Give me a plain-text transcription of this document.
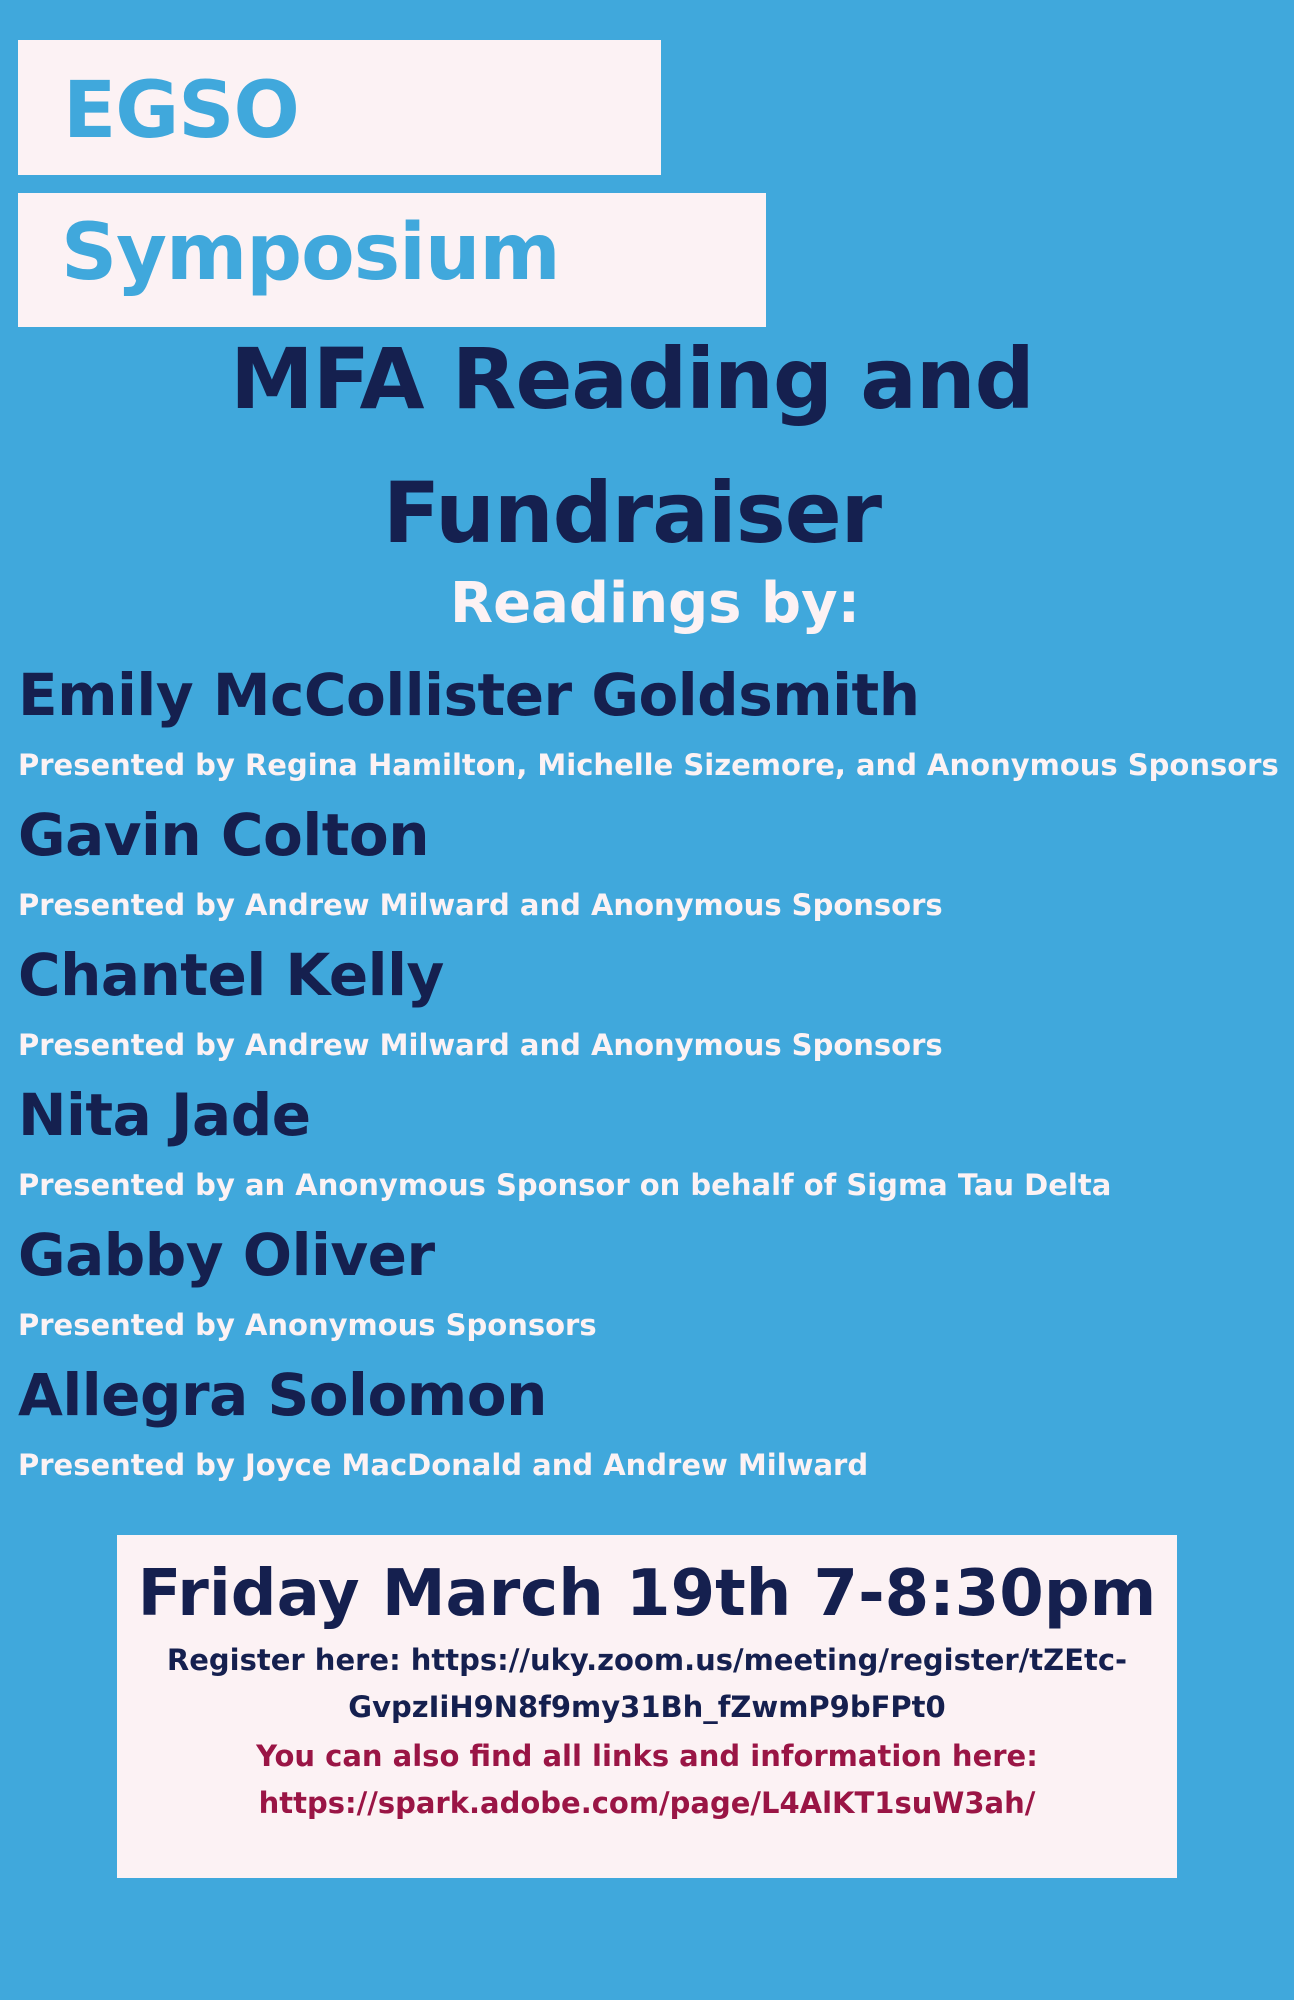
EGSO
Symposium
MFA Reading and
Fundraiser
Readings by:
Emily McCollister Goldsmith
Presented by Regina Hamilton, Michelle Sizemore, and Anonymous Sponsors
Gavin Colton
Presented by Andrew Milward and Anonymous Sponsors
Chantel Kelly
Presented by Andrew Milward and Anonymous Sponsors
Nita Jade
Presented by an Anonymous Sponsor on behalf of Sigma Tau Delta
Gabby Oliver
Presented by Anonymous Sponsors
Allegra Solomon
Presented by Joyce MacDonald and Andrew Milward
Friday March 19th 7-8:30pm
Register here: https://uky.zoom.us/meeting/register/tZEtc-
GvpzIiH9N8f9my31Bh_fZwmP9bFPt0
You can also find all links and information here:
https://spark.adobe.com/page/L4AlKT1suW3ah/
